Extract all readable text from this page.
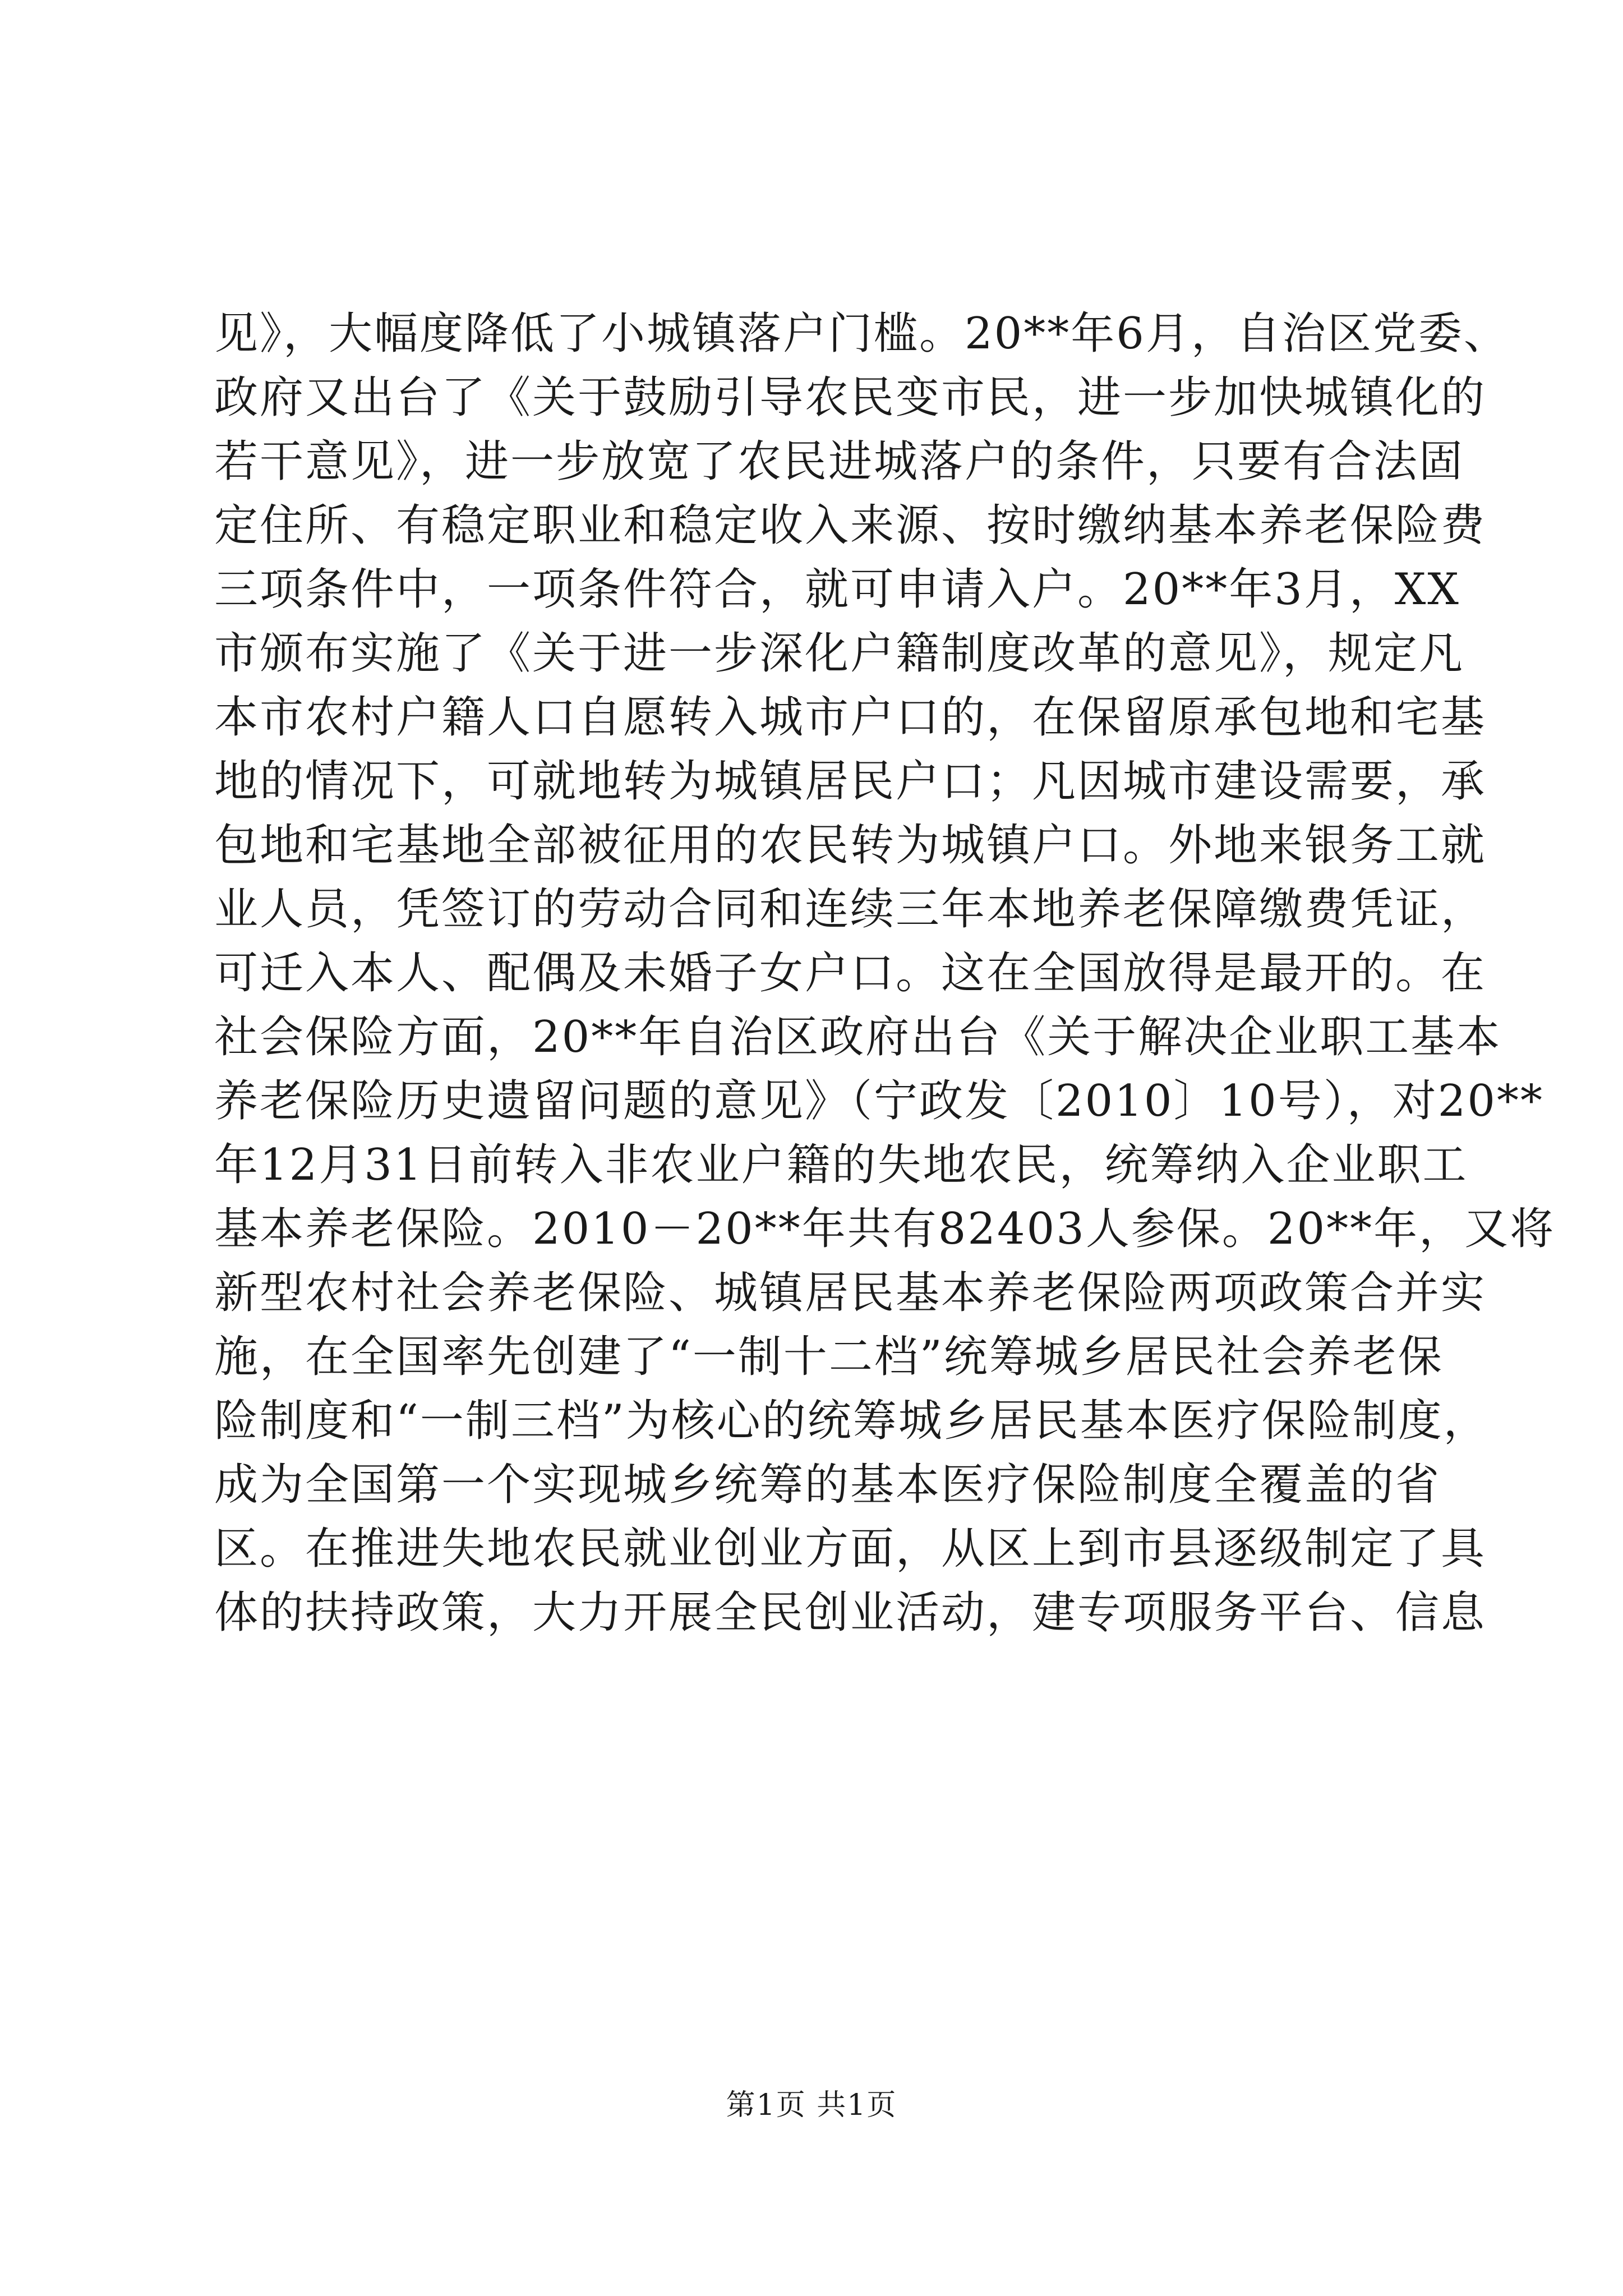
见》，大幅度降低了小城镇落户门槛。20**年6月，自治区党委、
政府又出台了《关于鼓励引导农民变市民，进一步加快城镇化的
若干意见》，进一步放宽了农民进城落户的条件，只要有合法固
定住所、有稳定职业和稳定收入来源、按时缴纳基本养老保险费
三项条件中，一项条件符合，就可申请入户。20**年3月，XX
市颁布实施了《关于进一步深化户籍制度改革的意见》，规定凡
本市农村户籍人口自愿转入城市户口的，在保留原承包地和宅基
地的情况下，可就地转为城镇居民户口；凡因城市建设需要，承
包地和宅基地全部被征用的农民转为城镇户口。外地来银务工就
业人员，凭签订的劳动合同和连续三年本地养老保障缴费凭证，
可迁入本人、配偶及未婚子女户口。这在全国放得是最开的。在
社会保险方面，20**年自治区政府出台《关于解决企业职工基本
养老保险历史遗留问题的意见》（宁政发〔2010〕10号），对20**
年12月31日前转入非农业户籍的失地农民，统筹纳入企业职工
基本养老保险。2010－20**年共有82403人参保。20**年，又将
新型农村社会养老保险、城镇居民基本养老保险两项政策合并实
施，在全国率先创建了“一制十二档”统筹城乡居民社会养老保
险制度和“一制三档”为核心的统筹城乡居民基本医疗保险制度，
成为全国第一个实现城乡统筹的基本医疗保险制度全覆盖的省
区。在推进失地农民就业创业方面，从区上到市县逐级制定了具
体的扶持政策，大力开展全民创业活动，建专项服务平台、信息
第1页 共1页
